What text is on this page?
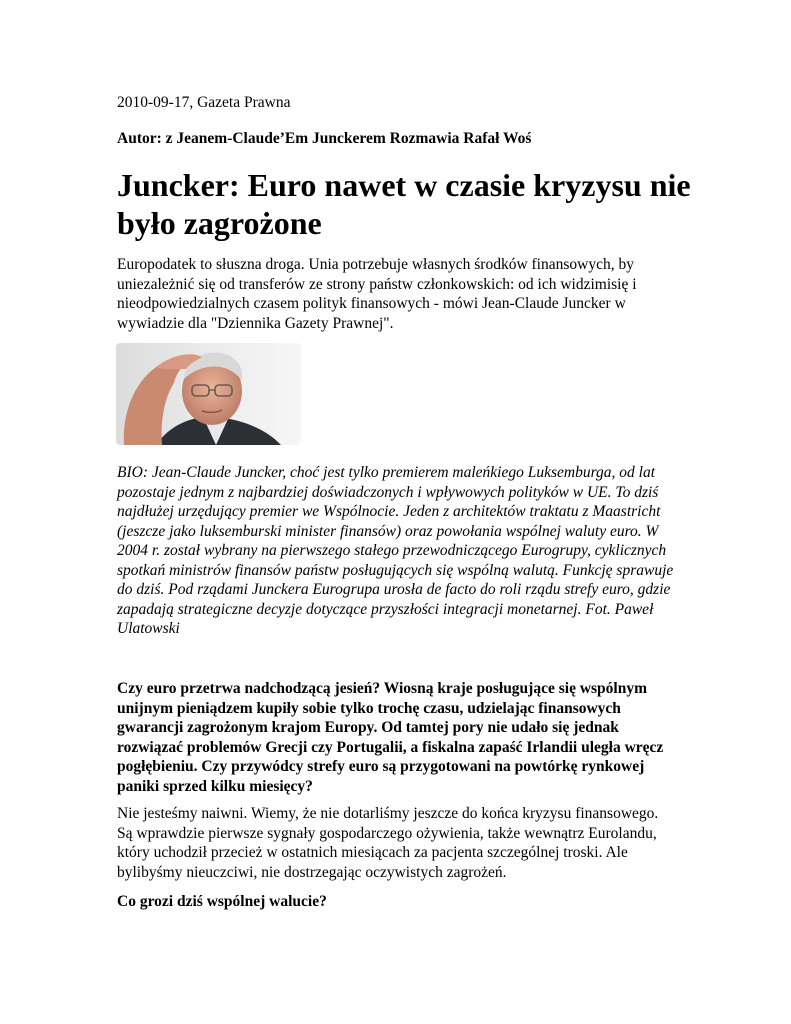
2010-09-17, Gazeta Prawna
Autor: z Jeanem-Claude’Em Junckerem Rozmawia Rafał Woś
Juncker: Euro nawet w czasie kryzysu nie
było zagrożone
Europodatek to słuszna droga. Unia potrzebuje własnych środków finansowych, by
uniezależnić się od transferów ze strony państw członkowskich: od ich widzimisię i
nieodpowiedzialnych czasem polityk finansowych - mówi Jean-Claude Juncker w
wywiadzie dla "Dziennika Gazety Prawnej".
BIO: Jean-Claude Juncker, choć jest tylko premierem maleńkiego Luksemburga, od lat
pozostaje jednym z najbardziej doświadczonych i wpływowych polityków w UE. To dziś
najdłużej urzędujący premier we Wspólnocie. Jeden z architektów traktatu z Maastricht
(jeszcze jako luksemburski minister finansów) oraz powołania wspólnej waluty euro. W
2004 r. został wybrany na pierwszego stałego przewodniczącego Eurogrupy, cyklicznych
spotkań ministrów finansów państw posługujących się wspólną walutą. Funkcję sprawuje
do dziś. Pod rządami Junckera Eurogrupa urosła de facto do roli rządu strefy euro, gdzie
zapadają strategiczne decyzje dotyczące przyszłości integracji monetarnej. Fot. Paweł
Ulatowski
Czy euro przetrwa nadchodzącą jesień? Wiosną kraje posługujące się wspólnym
unijnym pieniądzem kupiły sobie tylko trochę czasu, udzielając finansowych
gwarancji zagrożonym krajom Europy. Od tamtej pory nie udało się jednak
rozwiązać problemów Grecji czy Portugalii, a fiskalna zapaść Irlandii uległa wręcz
pogłębieniu. Czy przywódcy strefy euro są przygotowani na powtórkę rynkowej
paniki sprzed kilku miesięcy?
Nie jesteśmy naiwni. Wiemy, że nie dotarliśmy jeszcze do końca kryzysu finansowego.
Są wprawdzie pierwsze sygnały gospodarczego ożywienia, także wewnątrz Eurolandu,
który uchodził przecież w ostatnich miesiącach za pacjenta szczególnej troski. Ale
bylibyśmy nieuczciwi, nie dostrzegając oczywistych zagrożeń.
Co grozi dziś wspólnej walucie?
